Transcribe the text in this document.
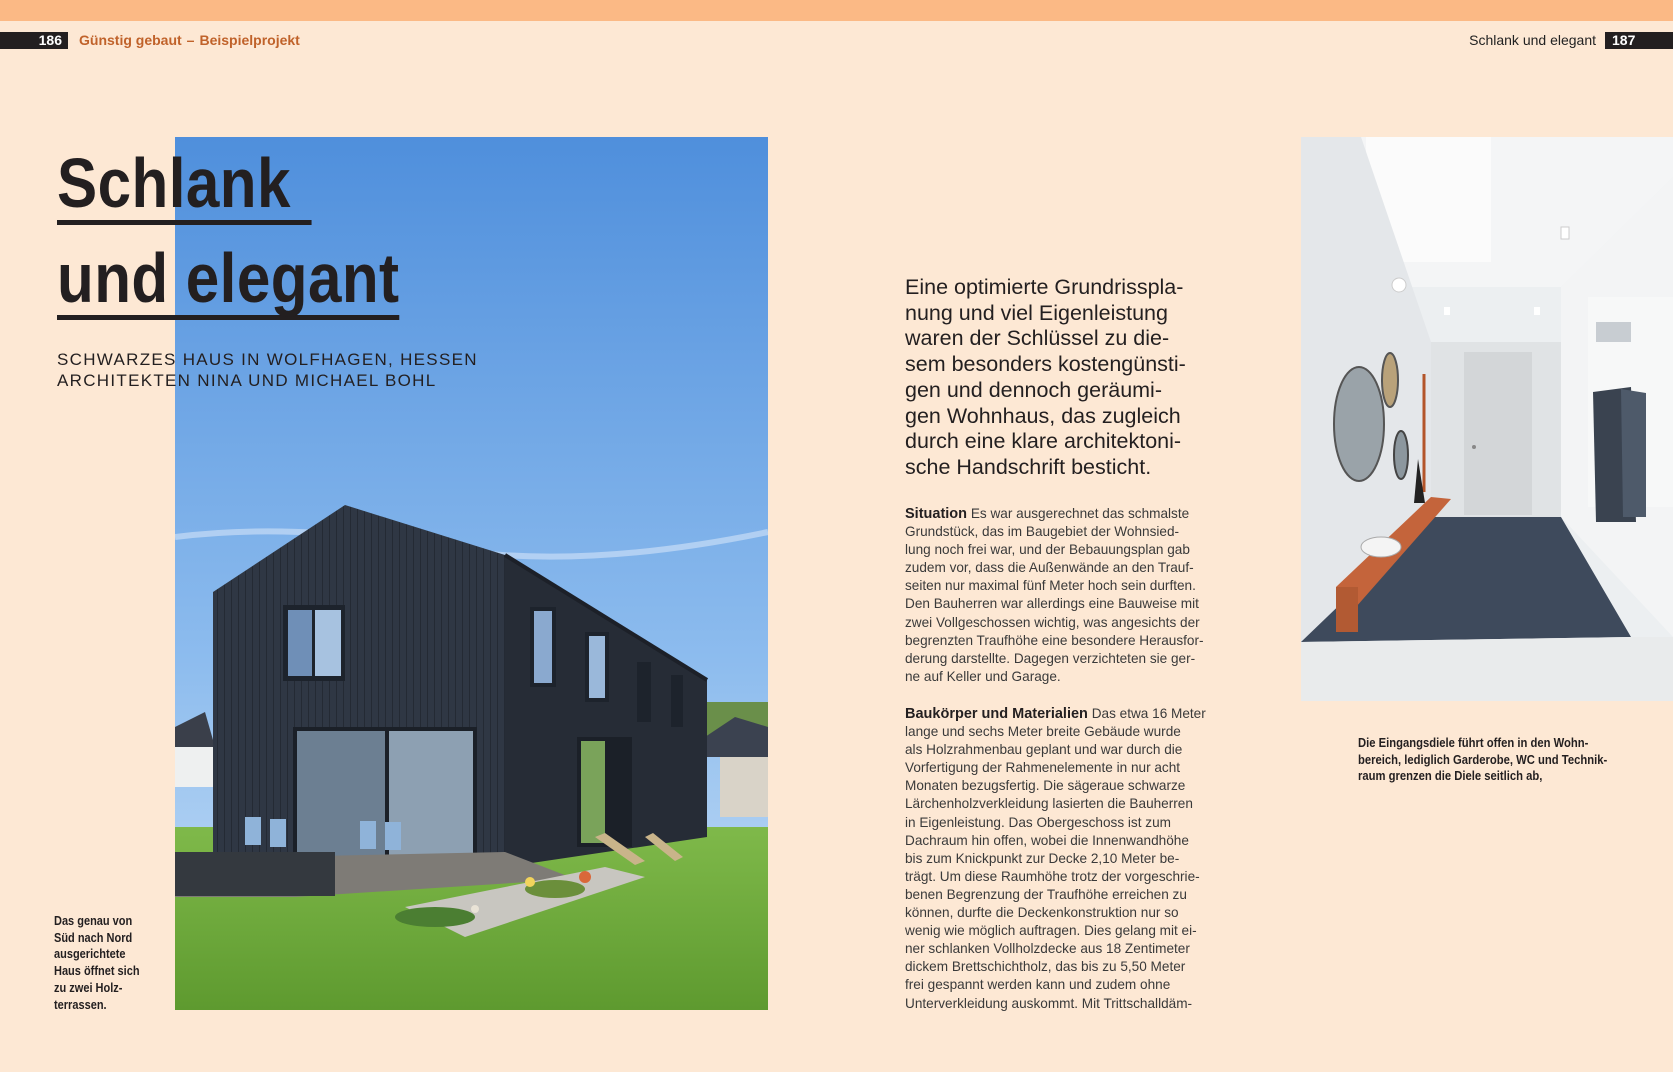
186	Günstig gebaut – Beispielprojekt	Schlank und elegant	187
Schlank
und elegant
SCHWARZES HAUS IN WOLFHAGEN, HESSEN
ARCHITEKTEN NINA UND MICHAEL BOHL
Das genau von
Süd nach Nord
ausgerichtete
Haus öffnet sich
zu zwei Holz-
terrassen.
Eine optimierte Grundrisspla-
nung und viel Eigenleistung
waren der Schlüssel zu die-
sem besonders kostengünsti-
gen und dennoch geräumi-
gen Wohnhaus, das zugleich
durch eine klare architektoni-
sche Handschrift besticht.
Situation Es war ausgerechnet das schmalste
Grundstück, das im Baugebiet der Wohnsied-
lung noch frei war, und der Bebauungsplan gab
zudem vor, dass die Außenwände an den Trauf-
seiten nur maximal fünf Meter hoch sein durften.
Den Bauherren war allerdings eine Bauweise mit
zwei Vollgeschossen wichtig, was angesichts der
begrenzten Traufhöhe eine besondere Herausfor-
derung darstellte. Dagegen verzichteten sie ger-
ne auf Keller und Garage.
Baukörper und Materialien Das etwa 16 Meter
lange und sechs Meter breite Gebäude wurde
als Holzrahmenbau geplant und war durch die
Vorfertigung der Rahmenelemente in nur acht
Monaten bezugsfertig. Die sägeraue schwarze
Lärchenholzverkleidung lasierten die Bauherren
in Eigenleistung. Das Obergeschoss ist zum
Dachraum hin offen, wobei die Innenwandhöhe
bis zum Knickpunkt zur Decke 2,10 Meter be-
trägt. Um diese Raumhöhe trotz der vorgeschrie-
benen Begrenzung der Traufhöhe erreichen zu
können, durfte die Deckenkonstruktion nur so
wenig wie möglich auftragen. Dies gelang mit ei-
ner schlanken Vollholzdecke aus 18 Zentimeter
dickem Brettschichtholz, das bis zu 5,50 Meter
frei gespannt werden kann und zudem ohne
Unterverkleidung auskommt. Mit Trittschalldäm-
Die Eingangsdiele führt offen in den Wohn-
bereich, lediglich Garderobe, WC und Technik-
raum grenzen die Diele seitlich ab,
